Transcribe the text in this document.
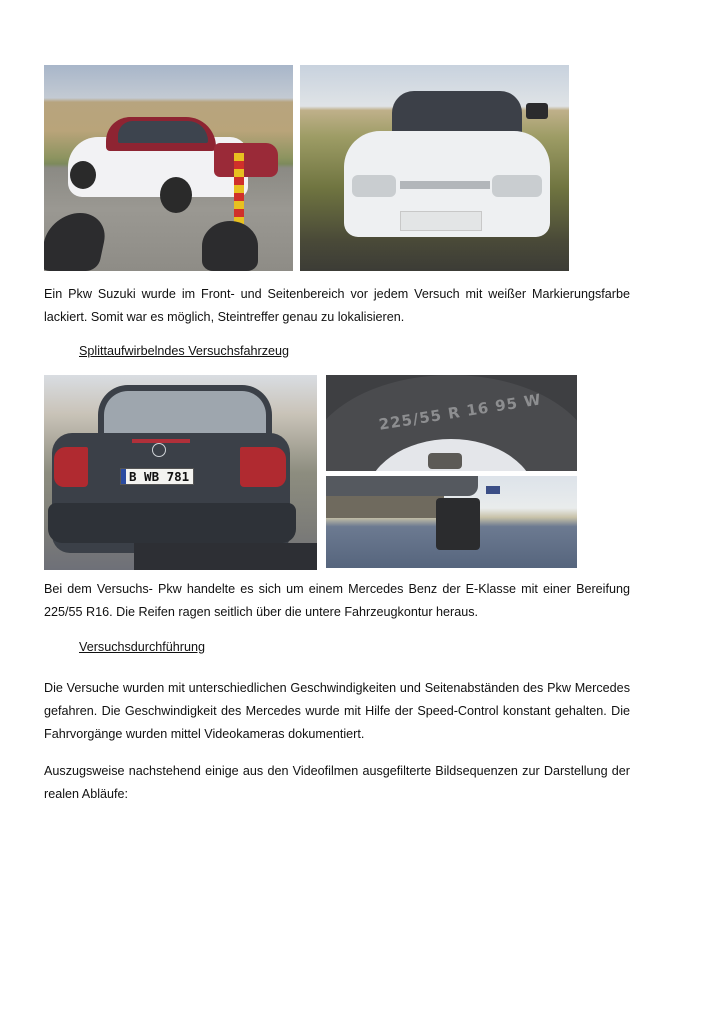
Ein Pkw Suzuki wurde im Front- und Seitenbereich vor jedem Versuch mit weißer Markierungsfarbe lackiert. Somit war es möglich, Steintreffer genau zu lokalisieren.

Splittaufwirbelndes Versuchsfahrzeug

B WB 781
225/55 R 16 95 W

Bei dem Versuchs- Pkw handelte es sich um einem Mercedes Benz der E-Klasse mit einer Bereifung 225/55 R16. Die Reifen ragen seitlich über die untere Fahrzeugkontur heraus.

Versuchsdurchführung

Die Versuche wurden mit unterschiedlichen Geschwindigkeiten und Seitenabständen des Pkw Mercedes gefahren. Die Geschwindigkeit des Mercedes wurde mit Hilfe der Speed-Control konstant gehalten. Die Fahrvorgänge wurden mittel Videokameras dokumentiert.

Auszugsweise nachstehend einige aus den Videofilmen ausgefilterte Bildsequenzen zur Darstellung der realen Abläufe:
